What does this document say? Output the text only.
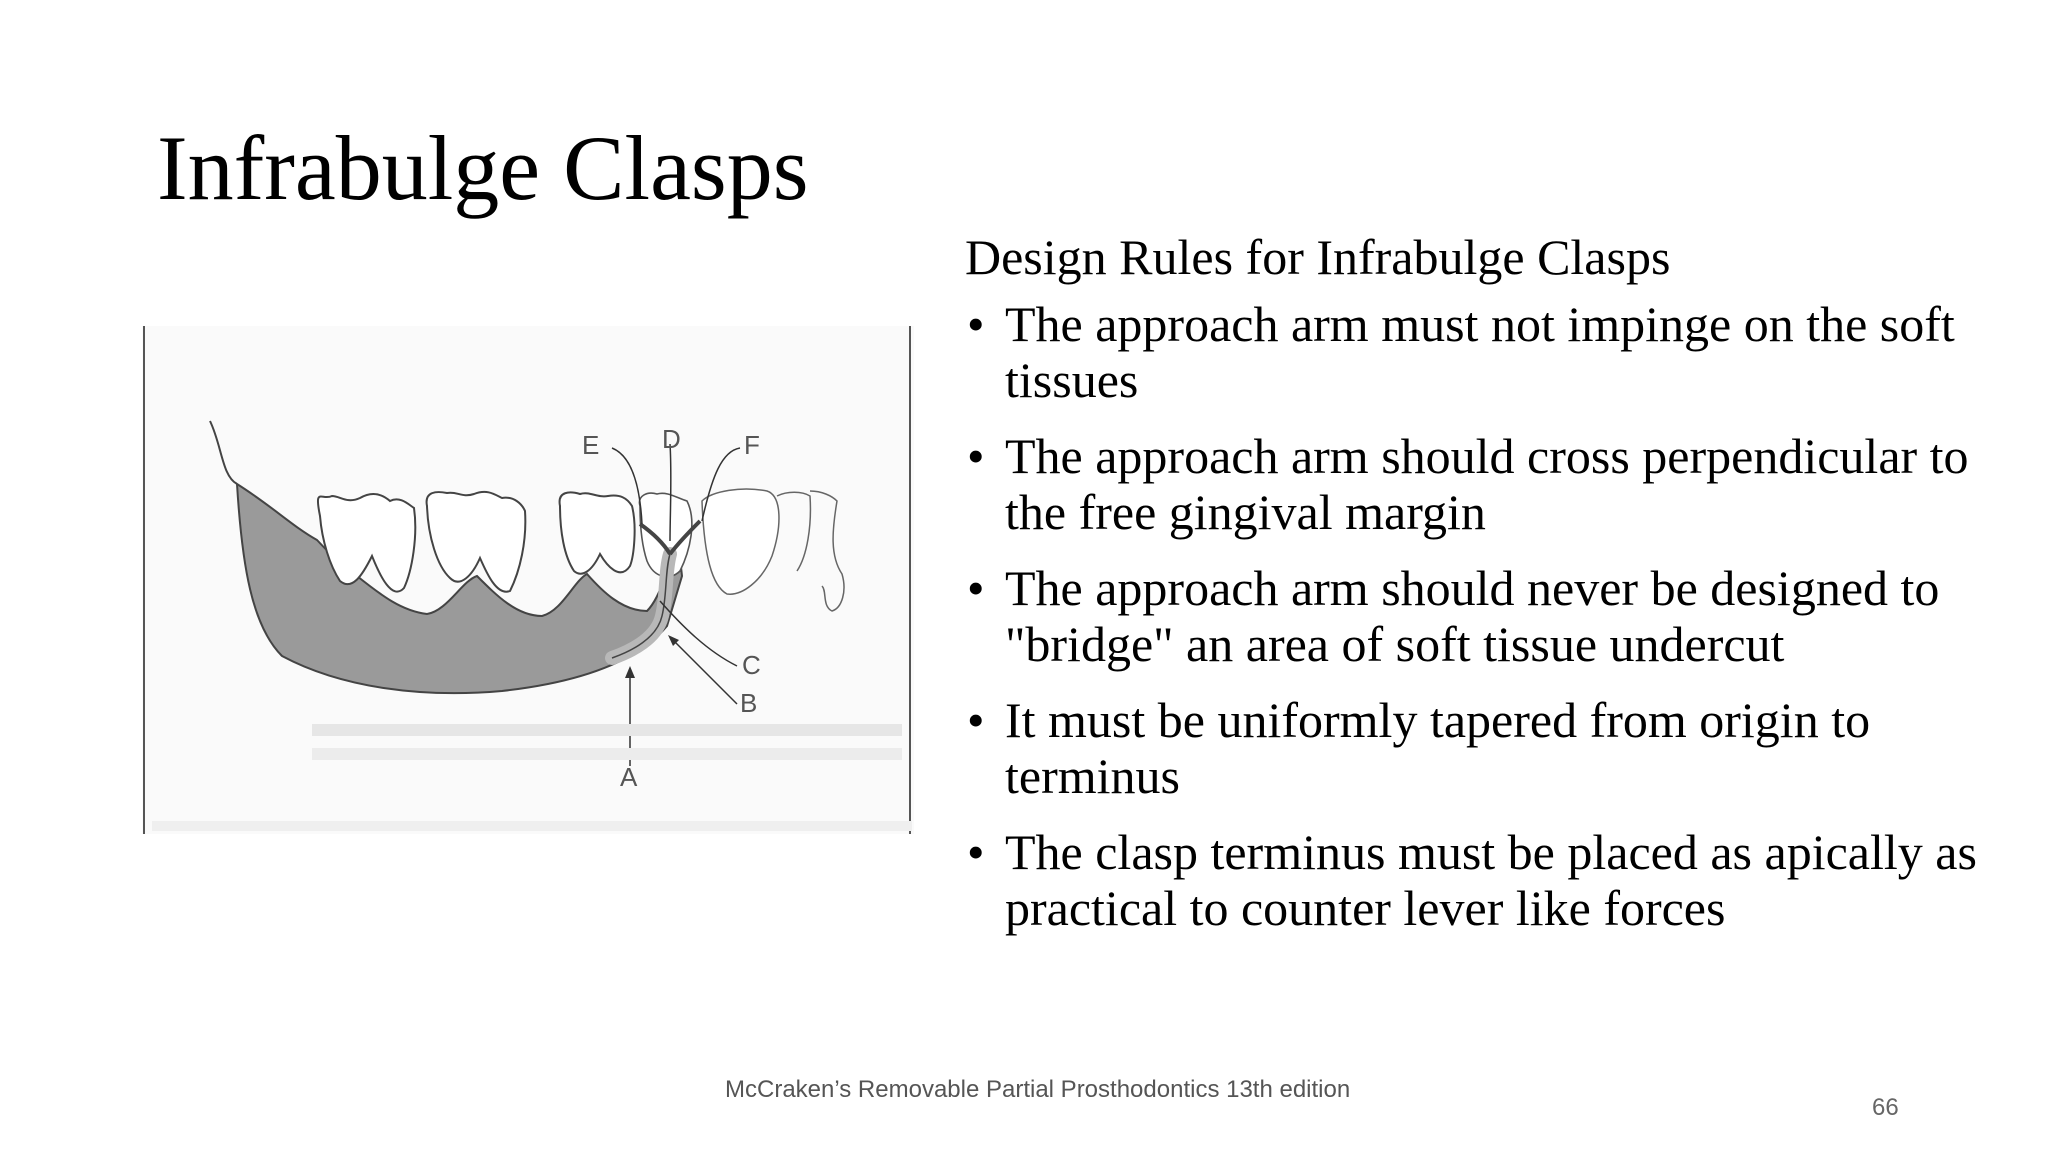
Infrabulge Clasps
E D F
C
B
A

Design Rules for Infrabulge Clasps

• The approach arm must not impinge on the soft tissues
• The approach arm should cross perpendicular to the free gingival margin
• The approach arm should never be designed to "bridge" an area of soft tissue undercut
• It must be uniformly tapered from origin to terminus
• The clasp terminus must be placed as apically as practical to counter lever like forces
McCraken’s Removable Partial Prosthodontics 13th edition
66
